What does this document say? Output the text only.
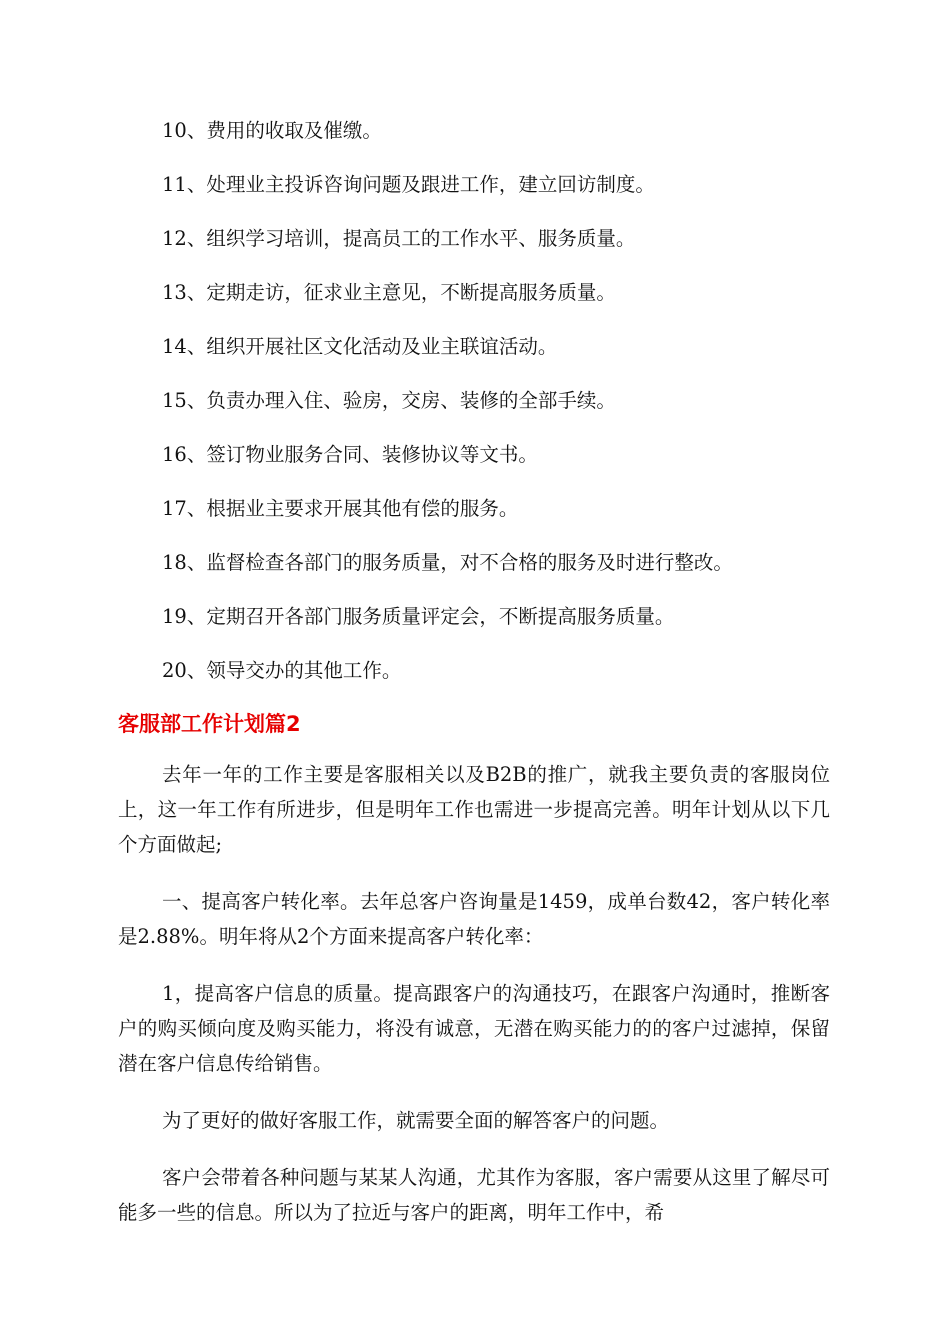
10、费用的收取及催缴。
11、处理业主投诉咨询问题及跟进工作，建立回访制度。
12、组织学习培训，提高员工的工作水平、服务质量。
13、定期走访，征求业主意见，不断提高服务质量。
14、组织开展社区文化活动及业主联谊活动。
15、负责办理入住、验房，交房、装修的全部手续。
16、签订物业服务合同、装修协议等文书。
17、根据业主要求开展其他有偿的服务。
18、监督检查各部门的服务质量，对不合格的服务及时进行整改。
19、定期召开各部门服务质量评定会，不断提高服务质量。
20、领导交办的其他工作。
客服部工作计划篇2

去年一年的工作主要是客服相关以及B2B的推广，就我主要负责的客服岗位上，这一年工作有所进步，但是明年工作也需进一步提高完善。明年计划从以下几个方面做起;

一、提高客户转化率。去年总客户咨询量是1459，成单台数42，客户转化率是2.88%。明年将从2个方面来提高客户转化率：

1，提高客户信息的质量。提高跟客户的沟通技巧，在跟客户沟通时，推断客户的购买倾向度及购买能力，将没有诚意，无潜在购买能力的的客户过滤掉，保留潜在客户信息传给销售。

为了更好的做好客服工作，就需要全面的解答客户的问题。

客户会带着各种问题与某某人沟通，尤其作为客服，客户需要从这里了解尽可能多一些的信息。所以为了拉近与客户的距离，明年工作中，希
